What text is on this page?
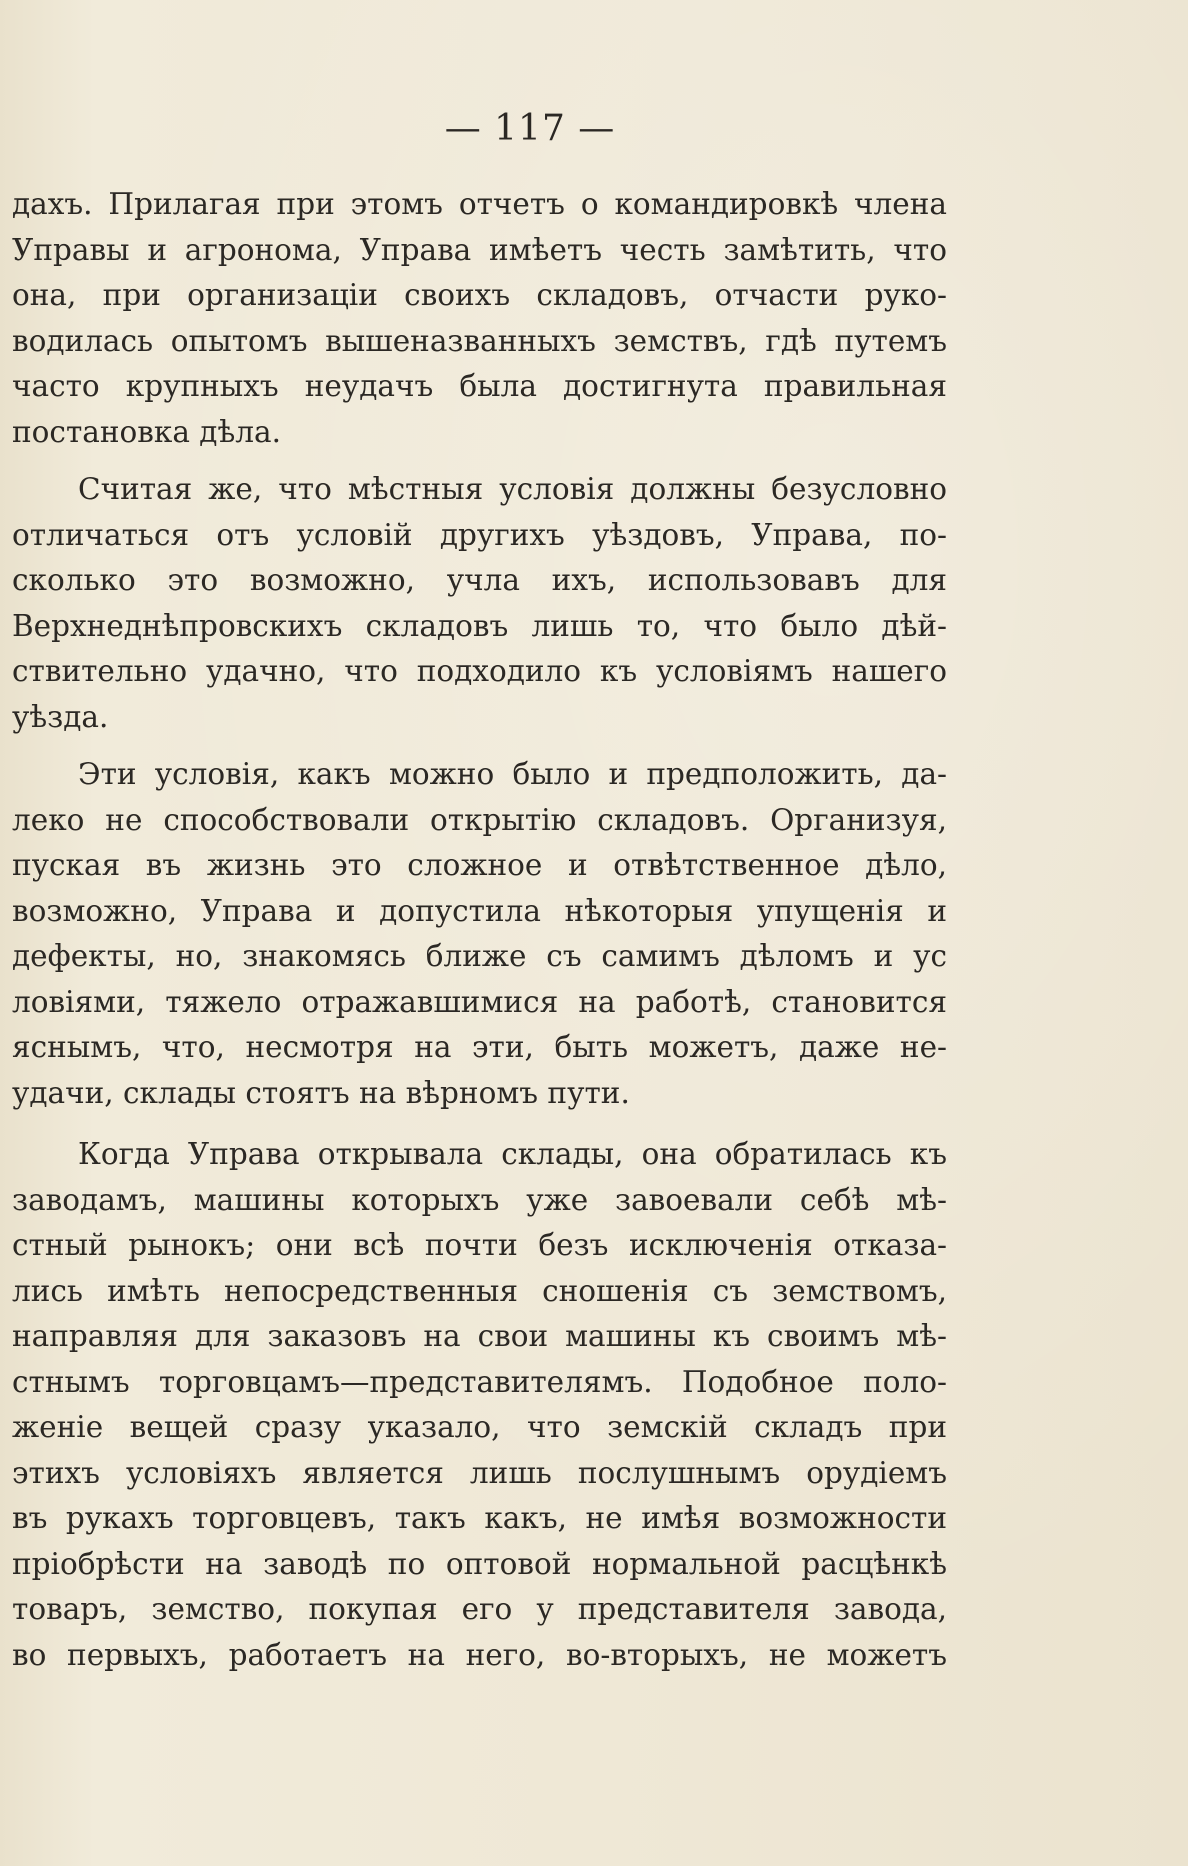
— 117 —
дахъ. Прилагая при этомъ отчетъ о командировкѣ члена
Управы и агронома, Управа имѣетъ честь замѣтить, что
она, при организаціи своихъ складовъ, отчасти руко-
водилась опытомъ вышеназванныхъ земствъ, гдѣ путемъ
часто крупныхъ неудачъ была достигнута правильная
постановка дѣла.
Считая же, что мѣстныя условія должны безусловно
отличаться отъ условій другихъ уѣздовъ, Управа, по-
сколько это возможно, учла ихъ, использовавъ для
Верхнеднѣпровскихъ складовъ лишь то, что было дѣй-
ствительно удачно, что подходило къ условіямъ нашего
уѣзда.
Эти условія, какъ можно было и предположить, да-
леко не способствовали открытію складовъ. Организуя,
пуская въ жизнь это сложное и отвѣтственное дѣло,
возможно, Управа и допустила нѣкоторыя упущенія и
дефекты, но, знакомясь ближе съ самимъ дѣломъ и ус
ловіями, тяжело отражавшимися на работѣ, становится
яснымъ, что, несмотря на эти, быть можетъ, даже не-
удачи, склады стоятъ на вѣрномъ пути.
Когда Управа открывала склады, она обратилась къ
заводамъ, машины которыхъ уже завоевали себѣ мѣ-
стный рынокъ; они всѣ почти безъ исключенія отказа-
лись имѣть непосредственныя сношенія съ земствомъ,
направляя для заказовъ на свои машины къ своимъ мѣ-
стнымъ торговцамъ—представителямъ. Подобное поло-
женіе вещей сразу указало, что земскій складъ при
этихъ условіяхъ является лишь послушнымъ орудіемъ
въ рукахъ торговцевъ, такъ какъ, не имѣя возможности
пріобрѣсти на заводѣ по оптовой нормальной расцѣнкѣ
товаръ, земство, покупая его у представителя завода,
во первыхъ, работаетъ на него, во-вторыхъ, не можетъ
